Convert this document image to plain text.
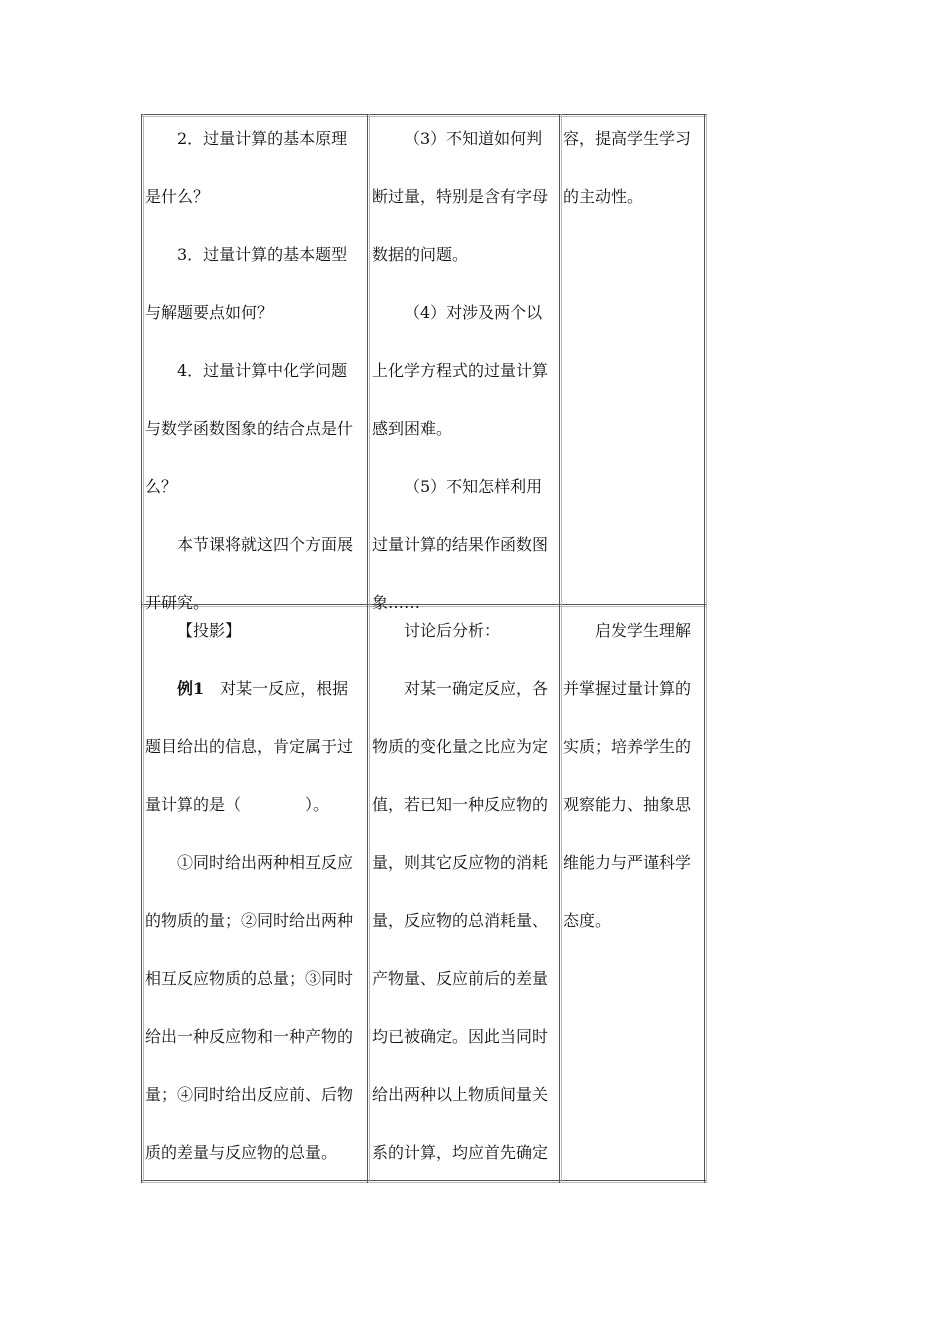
2．过量计算的基本原理是什么？

3．过量计算的基本题型与解题要点如何？

4．过量计算中化学问题与数学函数图象的结合点是什么？

本节课将就这四个方面展开研究。

（3）不知道如何判断过量，特别是含有字母数据的问题。

（4）对涉及两个以上化学方程式的过量计算感到困难。

（5）不知怎样利用过量计算的结果作函数图象……

容，提高学生学习的主动性。

【投影】

例1　对某一反应，根据题目给出的信息，肯定属于过量计算的是（　　　　）。

①同时给出两种相互反应的物质的量；②同时给出两种相互反应物质的总量；③同时给出一种反应物和一种产物的量；④同时给出反应前、后物质的差量与反应物的总量。

讨论后分析：

对某一确定反应，各物质的变化量之比应为定值，若已知一种反应物的量，则其它反应物的消耗量，反应物的总消耗量、产物量、反应前后的差量均已被确定。因此当同时给出两种以上物质间量关系的计算，均应首先确定

启发学生理解并掌握过量计算的实质；培养学生的观察能力、抽象思维能力与严谨科学态度。
